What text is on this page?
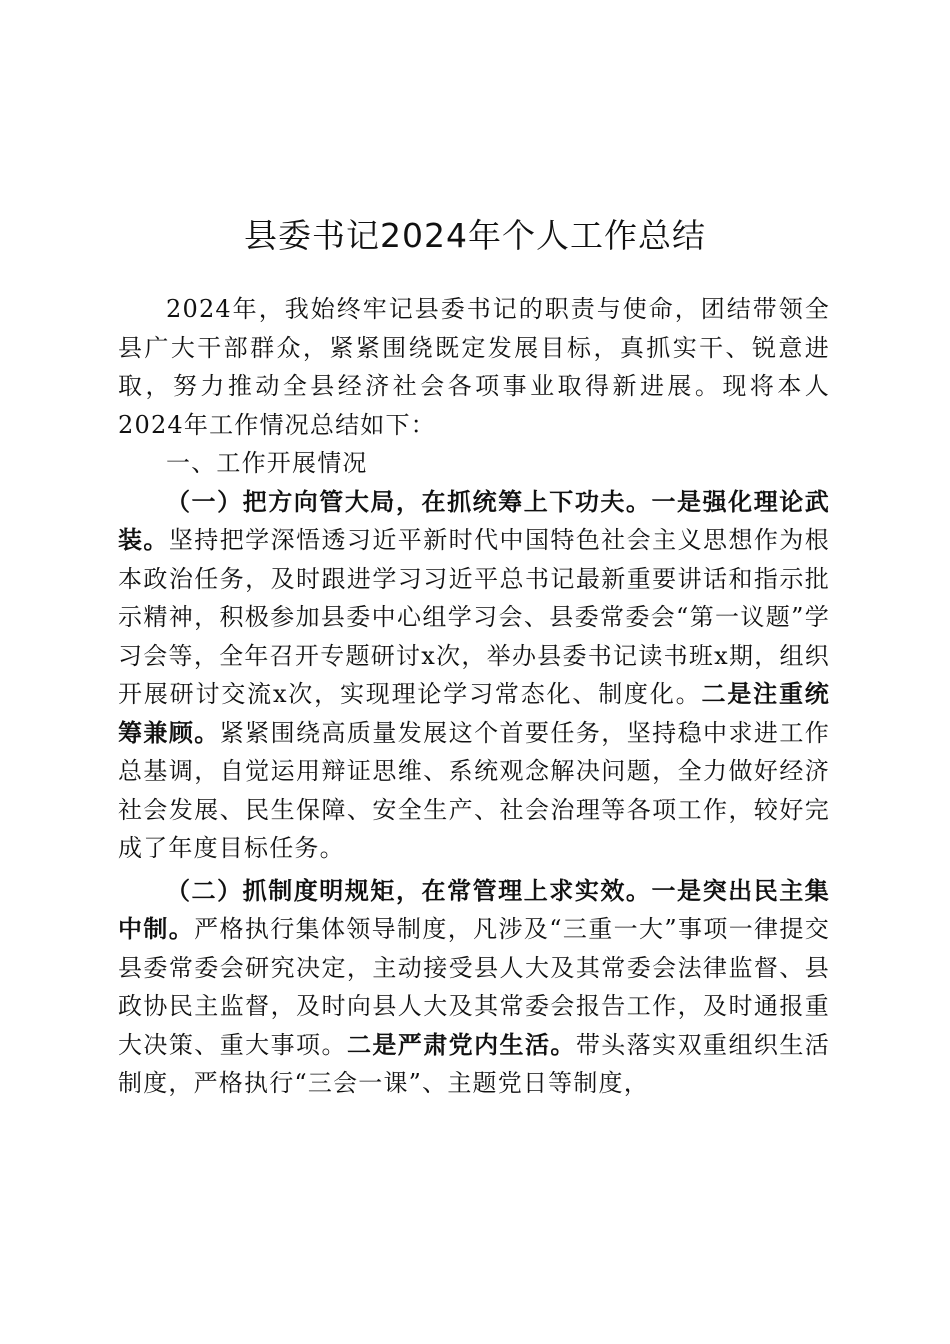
县委书记2024年个人工作总结

2024年，我始终牢记县委书记的职责与使命，团结带领全县广大干部群众，紧紧围绕既定发展目标，真抓实干、锐意进取，努力推动全县经济社会各项事业取得新进展。现将本人2024年工作情况总结如下：

一、工作开展情况

（一）把方向管大局，在抓统筹上下功夫。一是强化理论武装。坚持把学深悟透习近平新时代中国特色社会主义思想作为根本政治任务，及时跟进学习习近平总书记最新重要讲话和指示批示精神，积极参加县委中心组学习会、县委常委会“第一议题”学习会等，全年召开专题研讨x次，举办县委书记读书班x期，组织开展研讨交流x次，实现理论学习常态化、制度化。二是注重统筹兼顾。紧紧围绕高质量发展这个首要任务，坚持稳中求进工作总基调，自觉运用辩证思维、系统观念解决问题，全力做好经济社会发展、民生保障、安全生产、社会治理等各项工作，较好完成了年度目标任务。

（二）抓制度明规矩，在常管理上求实效。一是突出民主集中制。严格执行集体领导制度，凡涉及“三重一大”事项一律提交县委常委会研究决定，主动接受县人大及其常委会法律监督、县政协民主监督，及时向县人大及其常委会报告工作，及时通报重大决策、重大事项。二是严肃党内生活。带头落实双重组织生活制度，严格执行“三会一课”、主题党日等制度，
